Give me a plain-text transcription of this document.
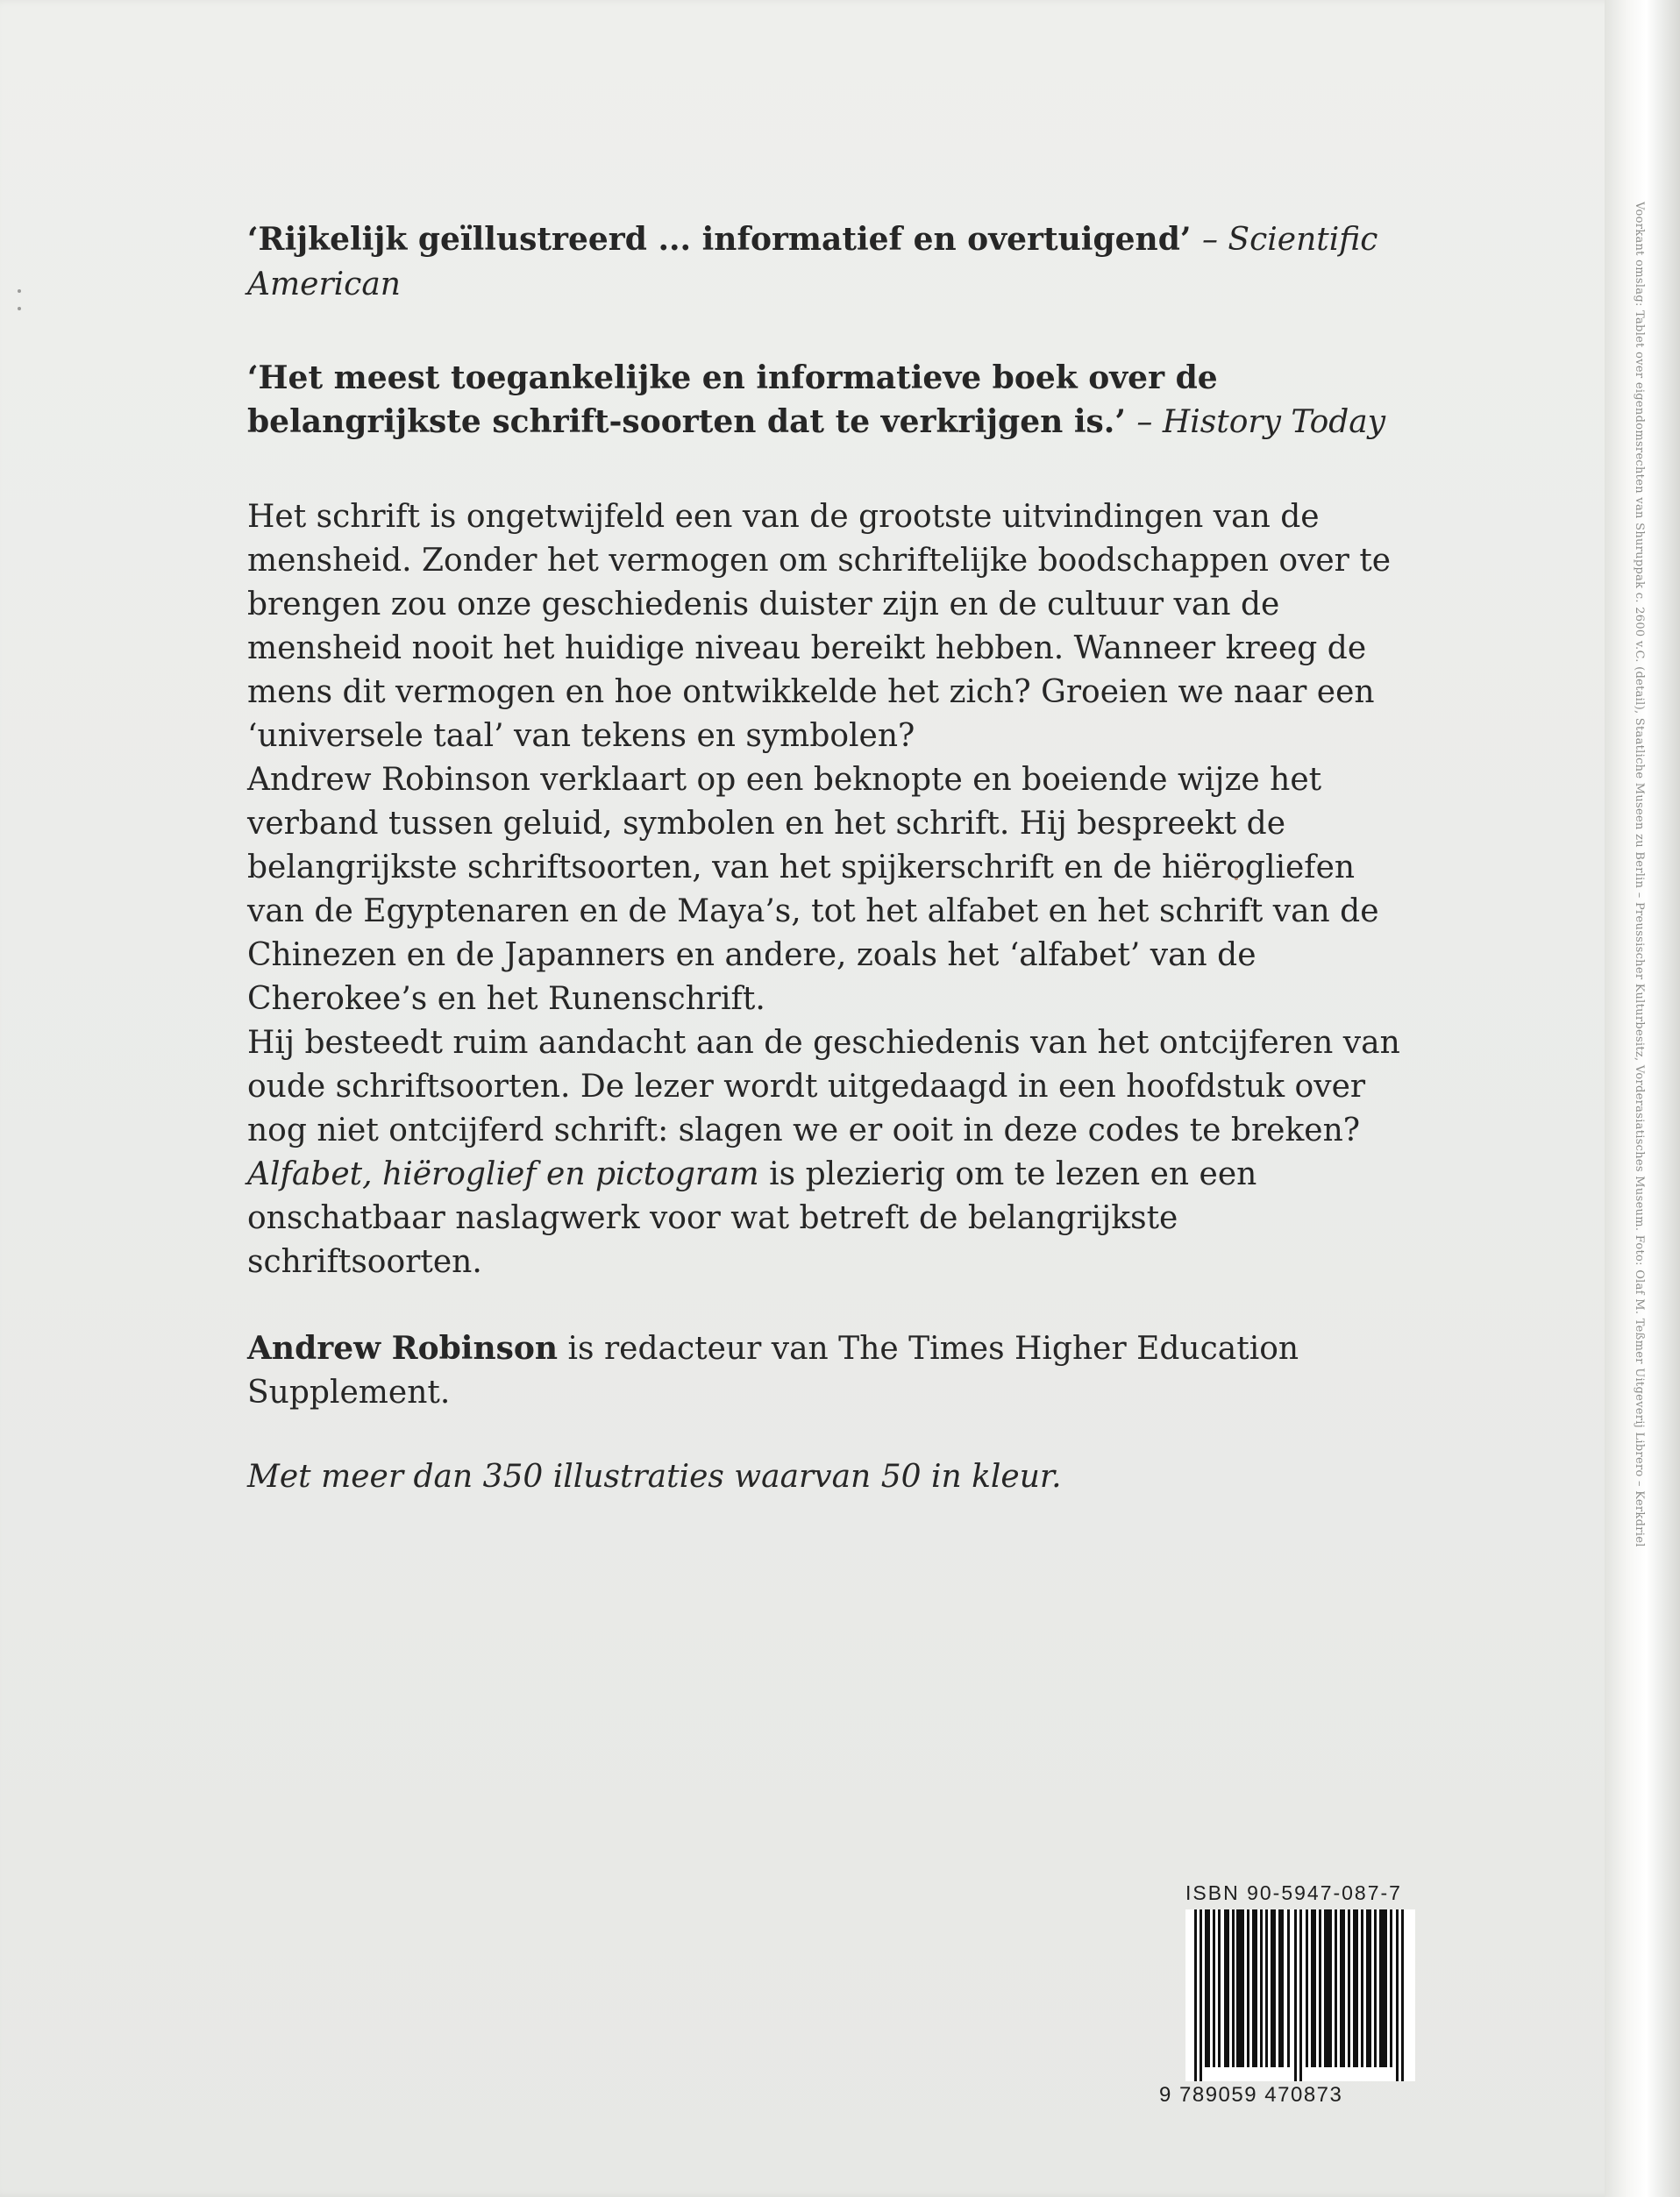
Voorkant omslag: Tablet over eigendomsrechten van Shuruppak c. 2600 v.C. (detail), Staatliche Museen zu Berlin – Preussischer Kulturbesitz, Vorderasiatisches Museum. Foto: Olaf M. Teßmer Uitgeverij Librero – Kerkdriel

‘Rijkelijk geïllustreerd ... informatief en overtuigend’ – Scientific American

‘Het meest toegankelijke en informatieve boek over de belangrijkste schrift-soorten dat te verkrijgen is.’ – History Today

Het schrift is ongetwijfeld een van de grootste uitvindingen van de mensheid. Zonder het vermogen om schriftelijke boodschappen over te brengen zou onze geschiedenis duister zijn en de cultuur van de mensheid nooit het huidige niveau bereikt hebben. Wanneer kreeg de mens dit vermogen en hoe ontwikkelde het zich? Groeien we naar een ‘universele taal’ van tekens en symbolen?

Andrew Robinson verklaart op een beknopte en boeiende wijze het verband tussen geluid, symbolen en het schrift. Hij bespreekt de belangrijkste schriftsoorten, van het spijkerschrift en de hiërogliefen van de Egyptenaren en de Maya’s, tot het alfabet en het schrift van de Chinezen en de Japanners en andere, zoals het ‘alfabet’ van de Cherokee’s en het Runenschrift.

Hij besteedt ruim aandacht aan de geschiedenis van het ontcijferen van oude schriftsoorten. De lezer wordt uitgedaagd in een hoofdstuk over nog niet ontcijferd schrift: slagen we er ooit in deze codes te breken?

Alfabet, hiëroglief en pictogram is plezierig om te lezen en een onschatbaar naslagwerk voor wat betreft de belangrijkste schriftsoorten.

Andrew Robinson is redacteur van The Times Higher Education Supplement.

Met meer dan 350 illustraties waarvan 50 in kleur.

ISBN 90-5947-087-7
9 789059 470873
